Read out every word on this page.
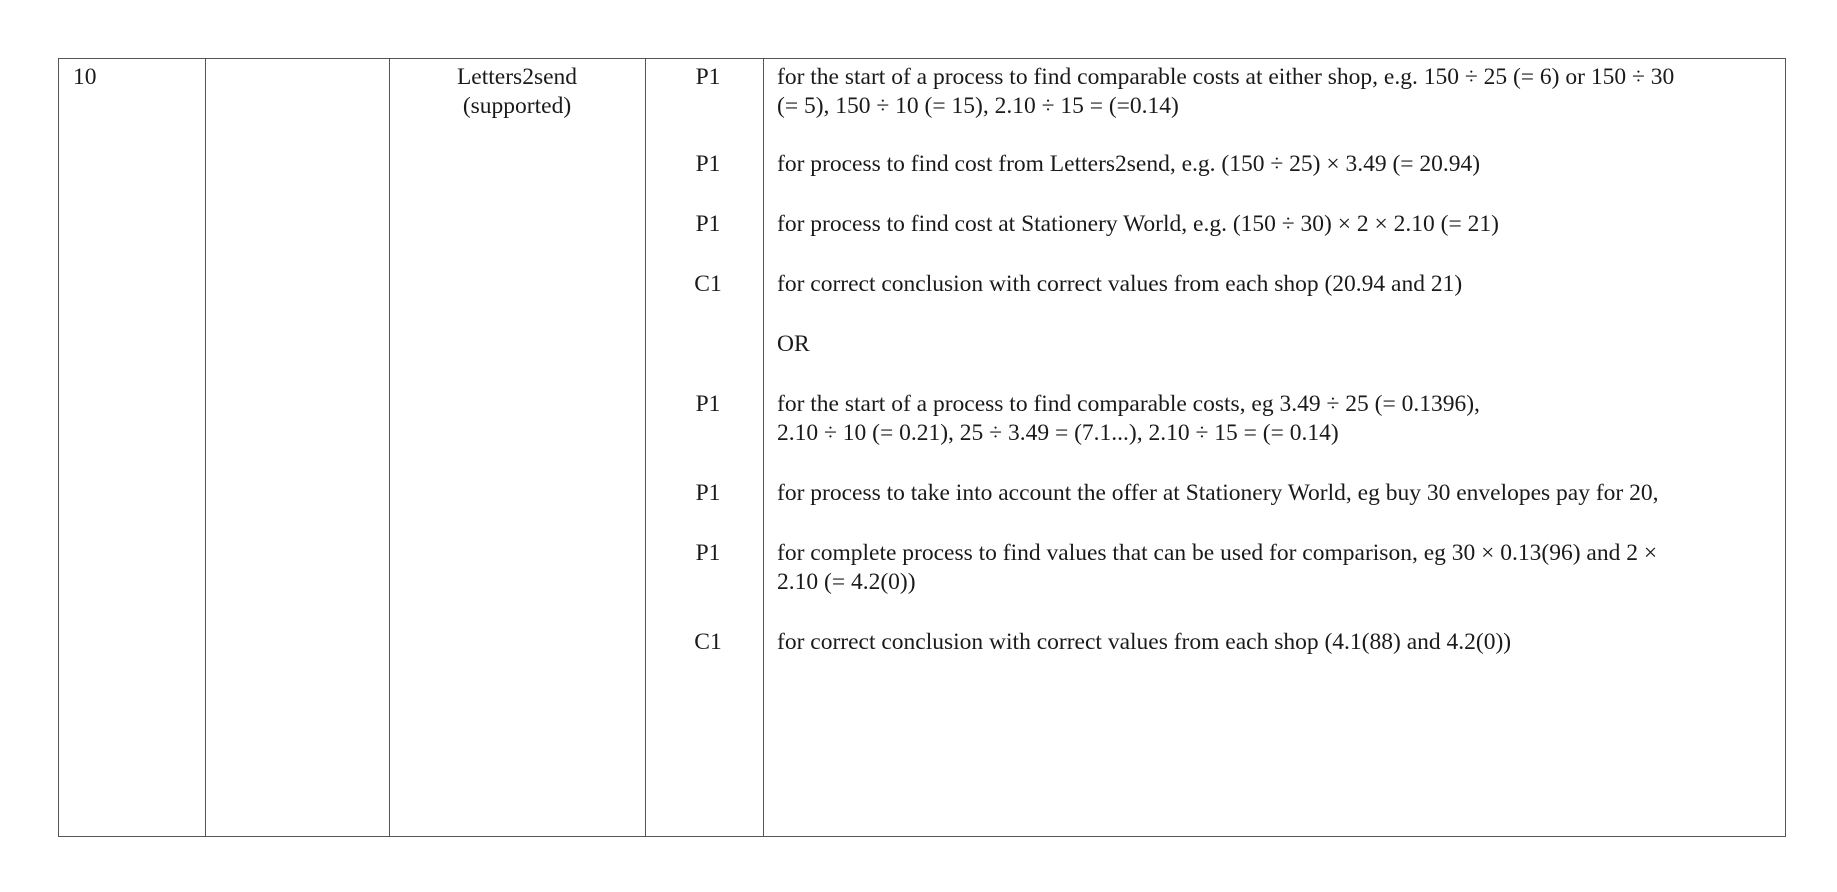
10	Letters2send
(supported)
P1	for the start of a process to find comparable costs at either shop, e.g. 150 ÷ 25 (= 6) or 150 ÷ 30
(= 5), 150 ÷ 10 (= 15), 2.10 ÷ 15 = (=0.14)
P1	for process to find cost from Letters2send, e.g. (150 ÷ 25) × 3.49 (= 20.94)
P1	for process to find cost at Stationery World, e.g. (150 ÷ 30) × 2 × 2.10 (= 21)
C1	for correct conclusion with correct values from each shop (20.94 and 21)
OR
P1	for the start of a process to find comparable costs, eg 3.49 ÷ 25 (= 0.1396),
2.10 ÷ 10 (= 0.21), 25 ÷ 3.49 = (7.1...), 2.10 ÷ 15 = (= 0.14)
P1	for process to take into account the offer at Stationery World, eg buy 30 envelopes pay for 20,
P1	for complete process to find values that can be used for comparison, eg 30 × 0.13(96) and 2 ×
2.10 (= 4.2(0))
C1	for correct conclusion with correct values from each shop (4.1(88) and 4.2(0))
